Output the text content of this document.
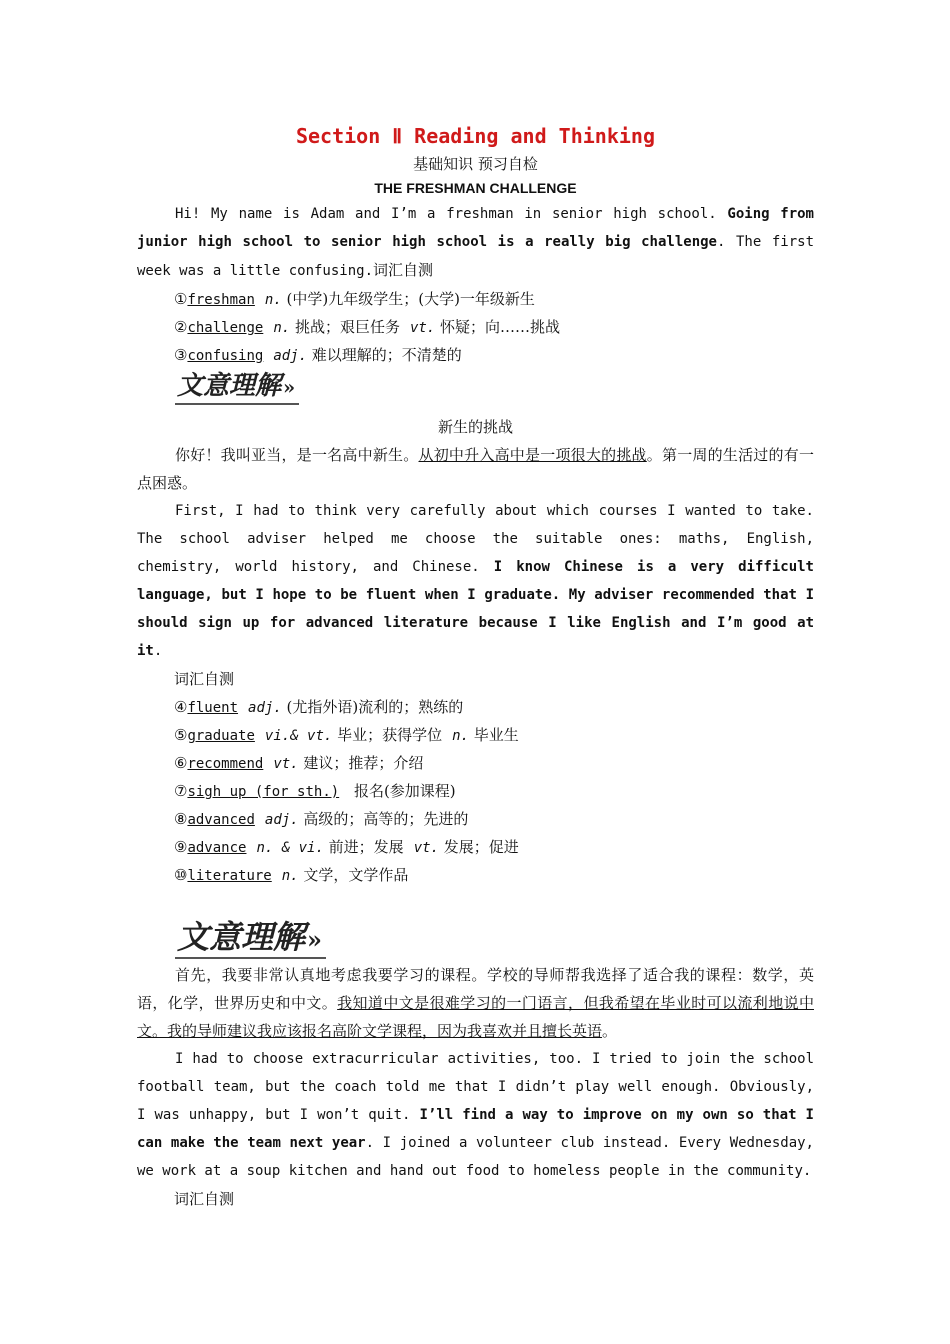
Section Ⅱ Reading and Thinking
基础知识 预习自检
THE FRESHMAN CHALLENGE

Hi! My name is Adam and I’m a freshman in senior high school. Going from junior high school to senior high school is a really big challenge. The first week was a little confusing.词汇自测

①freshman n. (中学)九年级学生；(大学)一年级新生
②challenge n. 挑战；艰巨任务 vt. 怀疑；向……挑战
③confusing adj. 难以理解的；不清楚的
文意理解 »
新生的挑战

你好！我叫亚当，是一名高中新生。从初中升入高中是一项很大的挑战。第一周的生活过的有一点困惑。

First, I had to think very carefully about which courses I wanted to take. The school adviser helped me choose the suitable ones: maths, English, chemistry, world history, and Chinese. I know Chinese is a very difficult language, but I hope to be fluent when I graduate. My adviser recommended that I should sign up for advanced literature because I like English and I’m good at it.

词汇自测
④fluent adj. (尤指外语)流利的；熟练的
⑤graduate vi.& vt. 毕业；获得学位 n. 毕业生
⑥recommend vt. 建议；推荐；介绍
⑦sigh up (for sth.) 报名(参加课程)
⑧advanced adj. 高级的；高等的；先进的
⑨advance n. & vi. 前进；发展 vt. 发展；促进
⑩literature n. 文学，文学作品
文意理解»

首先，我要非常认真地考虑我要学习的课程。学校的导师帮我选择了适合我的课程：数学，英语，化学，世界历史和中文。我知道中文是很难学习的一门语言，但我希望在毕业时可以流利地说中文。我的导师建议我应该报名高阶文学课程，因为我喜欢并且擅长英语。

I had to choose extracurricular activities, too. I tried to join the school football team, but the coach told me that I didn’t play well enough. Obviously, I was unhappy, but I won’t quit. I’ll find a way to improve on my own so that I can make the team next year. I joined a volunteer club instead. Every Wednesday, we work at a soup kitchen and hand out food to homeless people in the community.

词汇自测
